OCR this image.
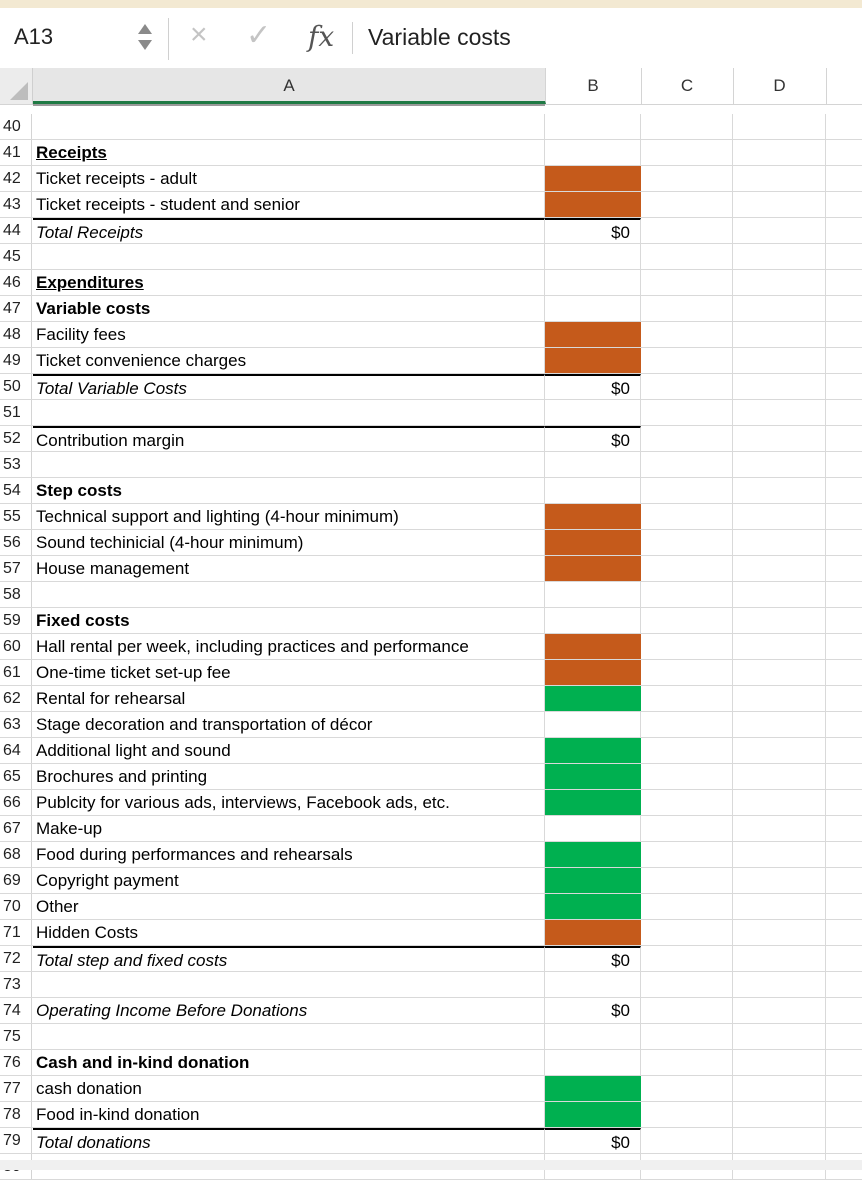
A13	× ✓ fx Variable costs
A	B	C	D
40
41 Receipts
42 Ticket receipts - adult
43 Ticket receipts - student and senior
44 Total Receipts	$0
45
46 Expenditures
47 Variable costs
48 Facility fees
49 Ticket convenience charges
50 Total Variable Costs	$0
51
52 Contribution margin	$0
53
54 Step costs
55 Technical support and lighting (4-hour minimum)
56 Sound techinicial (4-hour minimum)
57 House management
58
59 Fixed costs
60 Hall rental per week, including practices and performance
61 One-time ticket set-up fee
62 Rental for rehearsal
63 Stage decoration and transportation of décor
64 Additional light and sound
65 Brochures and printing
66 Publcity for various ads, interviews, Facebook ads, etc.
67 Make-up
68 Food during performances and rehearsals
69 Copyright payment
70 Other
71 Hidden Costs
72 Total step and fixed costs	$0
73
74 Operating Income Before Donations	$0
75
76 Cash and in-kind donation
77 cash donation
78 Food in-kind donation
79 Total donations	$0
